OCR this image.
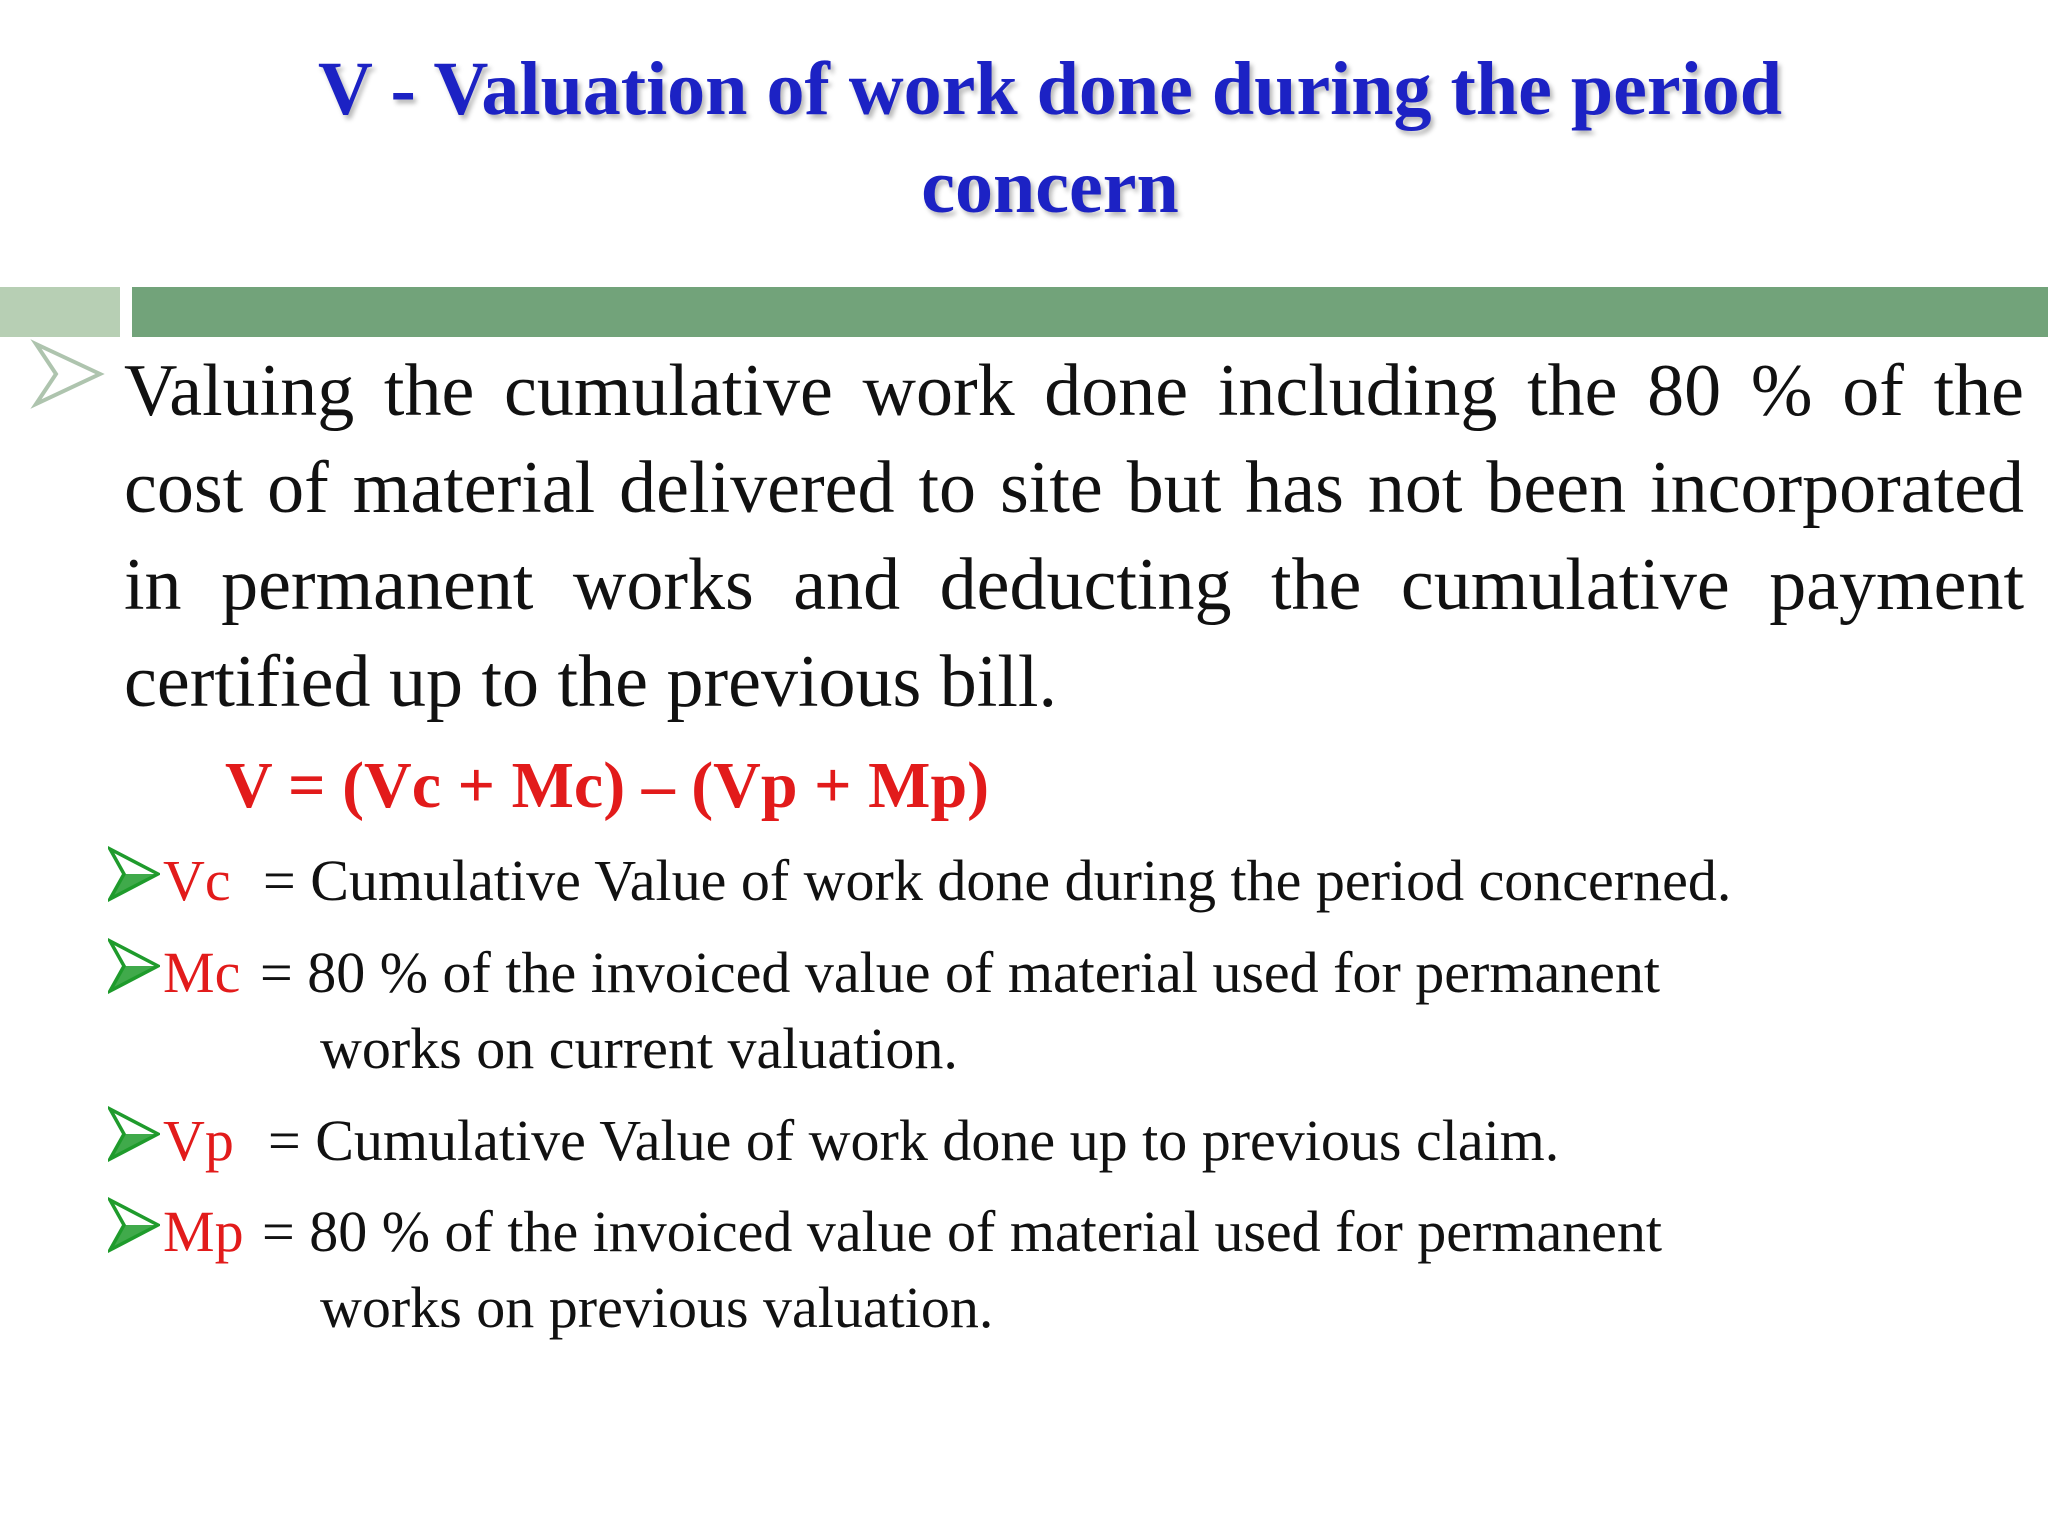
V - Valuation of work done during the period
concern
Valuing the cumulative work done including the 80 % of the cost of material delivered to site but has not been incorporated in permanent works and deducting the cumulative payment certified up to the previous bill.
V = (Vc + Mc) – (Vp + Mp)
Vc = Cumulative Value of work done during the period concerned.
Mc = 80 % of the invoiced value of material used for permanent
works on current valuation.
Vp = Cumulative Value of work done up to previous claim.
Mp = 80 % of the invoiced value of material used for permanent
works on previous valuation.
